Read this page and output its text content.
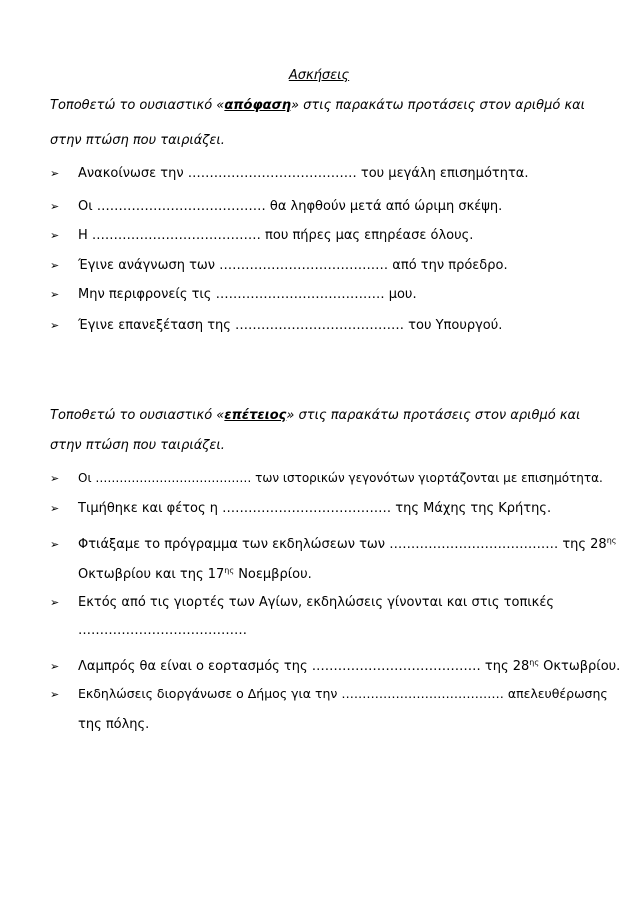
Ασκήσεις
Τοποθετώ το ουσιαστικό «απόφαση» στις παρακάτω προτάσεις στον αριθμό και
στην πτώση που ταιριάζει.
➢ Ανακοίνωσε την ………………………………… του μεγάλη επισημότητα.
➢ Οι ………………………………… θα ληφθούν μετά από ώριμη σκέψη.
➢ Η ………………………………… που πήρες μας επηρέασε όλους.
➢ Έγινε ανάγνωση των ………………………………… από την πρόεδρο.
➢ Μην περιφρονείς τις ………………………………… μου.
➢ Έγινε επανεξέταση της ………………………………… του Υπουργού.
Τοποθετώ το ουσιαστικό «επέτειος» στις παρακάτω προτάσεις στον αριθμό και
στην πτώση που ταιριάζει.
➢ Οι ………………………………… των ιστορικών γεγονότων γιορτάζονται με επισημότητα.
➢ Τιμήθηκε και φέτος η ………………………………… της Μάχης της Κρήτης.
➢ Φτιάξαμε το πρόγραμμα των εκδηλώσεων των ………………………………… της $28^{\eta\varsigma}$
Οκτωβρίου και της $17^{\eta\varsigma}$ Νοεμβρίου.
➢ Εκτός από τις γιορτές των Αγίων, εκδηλώσεις γίνονται και στις τοπικές
…………………………………
➢ Λαμπρός θα είναι ο εορτασμός της ………………………………… της $28^{\eta\varsigma}$ Οκτωβρίου.
➢ Εκδηλώσεις διοργάνωσε ο Δήμος για την ………………………………… απελευθέρωσης
της πόλης.
